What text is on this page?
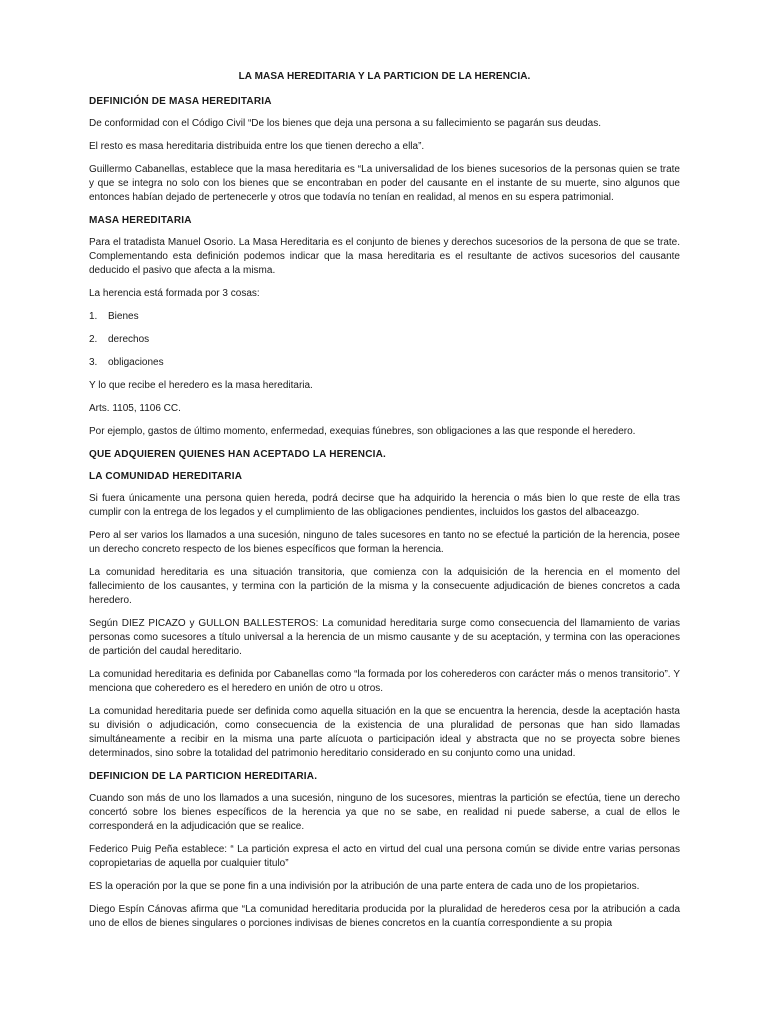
LA MASA HEREDITARIA Y LA PARTICION DE LA HERENCIA.
DEFINICIÓN DE MASA HEREDITARIA

De conformidad con el Código Civil “De los bienes que deja una persona a su fallecimiento se pagarán sus deudas.

El resto es masa hereditaria distribuida entre los que tienen derecho a ella”.

Guillermo Cabanellas, establece que la masa hereditaria es “La universalidad de los bienes sucesorios de la personas quien se trate y que se integra no solo con los bienes que se encontraban en poder del causante en el instante de su muerte, sino algunos que entonces habían dejado de pertenecerle y otros que todavía no tenían en realidad, al menos en su espera patrimonial.

MASA HEREDITARIA

Para el tratadista Manuel Osorio. La Masa Hereditaria es el conjunto de bienes y derechos sucesorios de la persona de que se trate. Complementando esta definición podemos indicar que la masa hereditaria es el resultante de activos sucesorios del causante deducido el pasivo que afecta a la misma.

La herencia está formada por 3 cosas:

1.	Bienes
2.	derechos
3.	obligaciones

Y lo que recibe el heredero es la masa hereditaria.

Arts. 1105, 1106 CC.

Por ejemplo, gastos de último momento, enfermedad, exequias fúnebres, son obligaciones a las que responde el heredero.

QUE ADQUIEREN QUIENES HAN ACEPTADO LA HERENCIA.
LA COMUNIDAD HEREDITARIA

Si fuera únicamente una persona quien hereda, podrá decirse que ha adquirido la herencia o más bien lo que reste de ella tras cumplir con la entrega de los legados y el cumplimiento de las obligaciones pendientes, incluidos los gastos del albaceazgo.

Pero al ser varios los llamados a una sucesión, ninguno de tales sucesores en tanto no se efectué la partición de la herencia, posee un derecho concreto respecto de los bienes específicos que forman la herencia.

La comunidad hereditaria es una situación transitoria, que comienza con la adquisición de la herencia en el momento del fallecimiento de los causantes, y termina con la partición de la misma y la consecuente adjudicación de bienes concretos a cada heredero.

Según DIEZ PICAZO y GULLON BALLESTEROS: La comunidad hereditaria surge como consecuencia del llamamiento de varias personas como sucesores a título universal a la herencia de un mismo causante y de su aceptación, y termina con las operaciones de partición del caudal hereditario.

La comunidad hereditaria es definida por Cabanellas como “la formada por los coherederos con carácter más o menos transitorio”. Y menciona que coheredero es el heredero en unión de otro u otros.

La comunidad hereditaria puede ser definida como aquella situación en la que se encuentra la herencia, desde la aceptación hasta su división o adjudicación, como consecuencia de la existencia de una pluralidad de personas que han sido llamadas simultáneamente a recibir en la misma una parte alícuota o participación ideal y abstracta que no se proyecta sobre bienes determinados, sino sobre la totalidad del patrimonio hereditario considerado en su conjunto como una unidad.

DEFINICION DE LA PARTICION HEREDITARIA.

Cuando son más de uno los llamados a una sucesión, ninguno de los sucesores, mientras la partición se efectúa, tiene un derecho concertó sobre los bienes específicos de la herencia ya que no se sabe, en realidad ni puede saberse, a cual de ellos le corresponderá en la adjudicación que se realice.

Federico Puig Peña establece: “ La partición expresa el acto en virtud del cual una persona común se divide entre varias personas copropietarias de aquella por cualquier titulo”

ES la operación por la que se pone fin a una indivisión por la atribución de una parte entera de cada uno de los propietarios.

Diego Espín Cánovas afirma que “La comunidad hereditaria producida por la pluralidad de herederos cesa por la atribución a cada uno de ellos de bienes singulares o porciones indivisas de bienes concretos en la cuantía correspondiente a su propia
